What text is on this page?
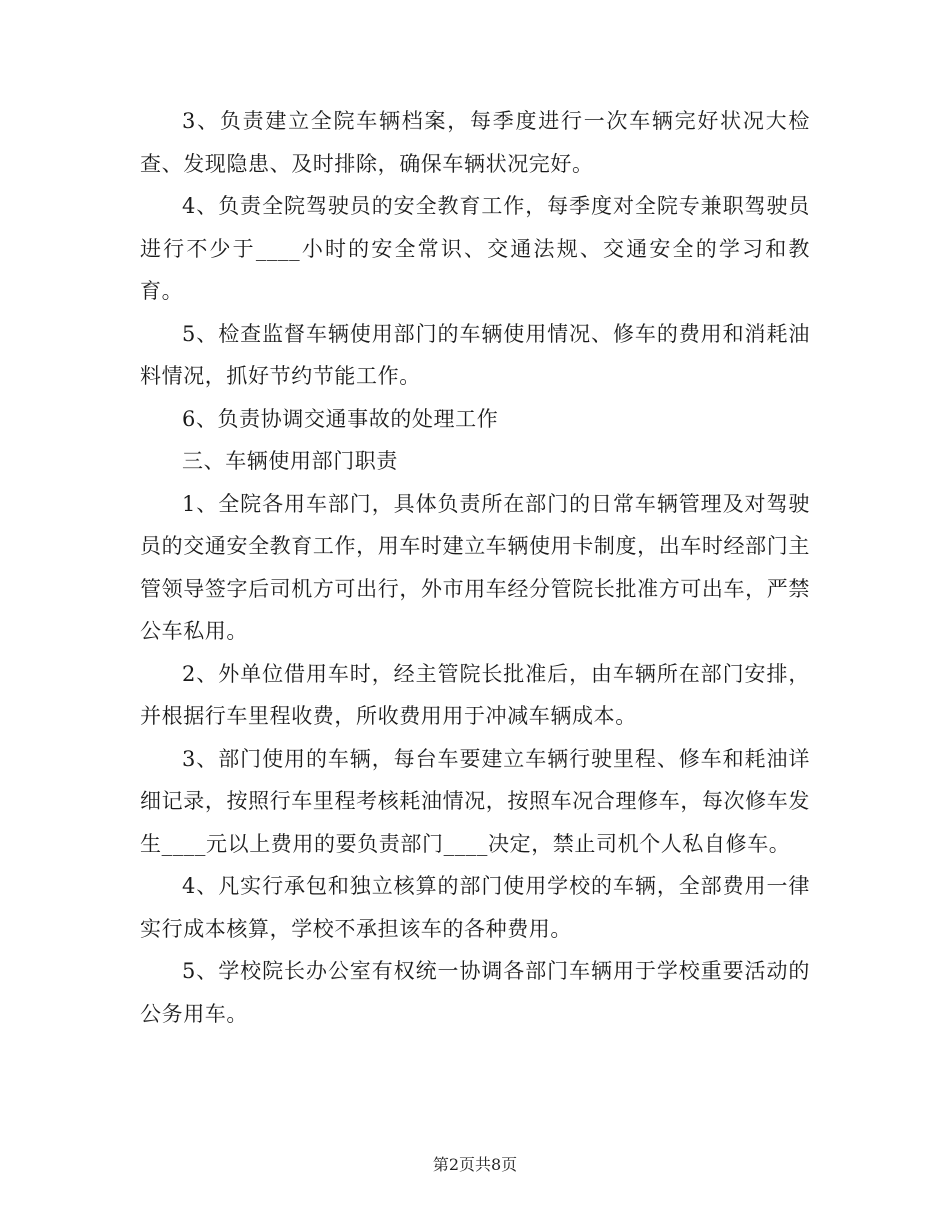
3、负责建立全院车辆档案，每季度进行一次车辆完好状况大检查、发现隐患、及时排除，确保车辆状况完好。

4、负责全院驾驶员的安全教育工作，每季度对全院专兼职驾驶员进行不少于____小时的安全常识、交通法规、交通安全的学习和教育。

5、检查监督车辆使用部门的车辆使用情况、修车的费用和消耗油料情况，抓好节约节能工作。

6、负责协调交通事故的处理工作

三、车辆使用部门职责

1、全院各用车部门，具体负责所在部门的日常车辆管理及对驾驶员的交通安全教育工作，用车时建立车辆使用卡制度，出车时经部门主管领导签字后司机方可出行，外市用车经分管院长批准方可出车，严禁公车私用。

2、外单位借用车时，经主管院长批准后，由车辆所在部门安排，并根据行车里程收费，所收费用用于冲减车辆成本。

3、部门使用的车辆，每台车要建立车辆行驶里程、修车和耗油详细记录，按照行车里程考核耗油情况，按照车况合理修车，每次修车发生____元以上费用的要负责部门____决定，禁止司机个人私自修车。

4、凡实行承包和独立核算的部门使用学校的车辆，全部费用一律实行成本核算，学校不承担该车的各种费用。

5、学校院长办公室有权统一协调各部门车辆用于学校重要活动的公务用车。

第2页共8页
